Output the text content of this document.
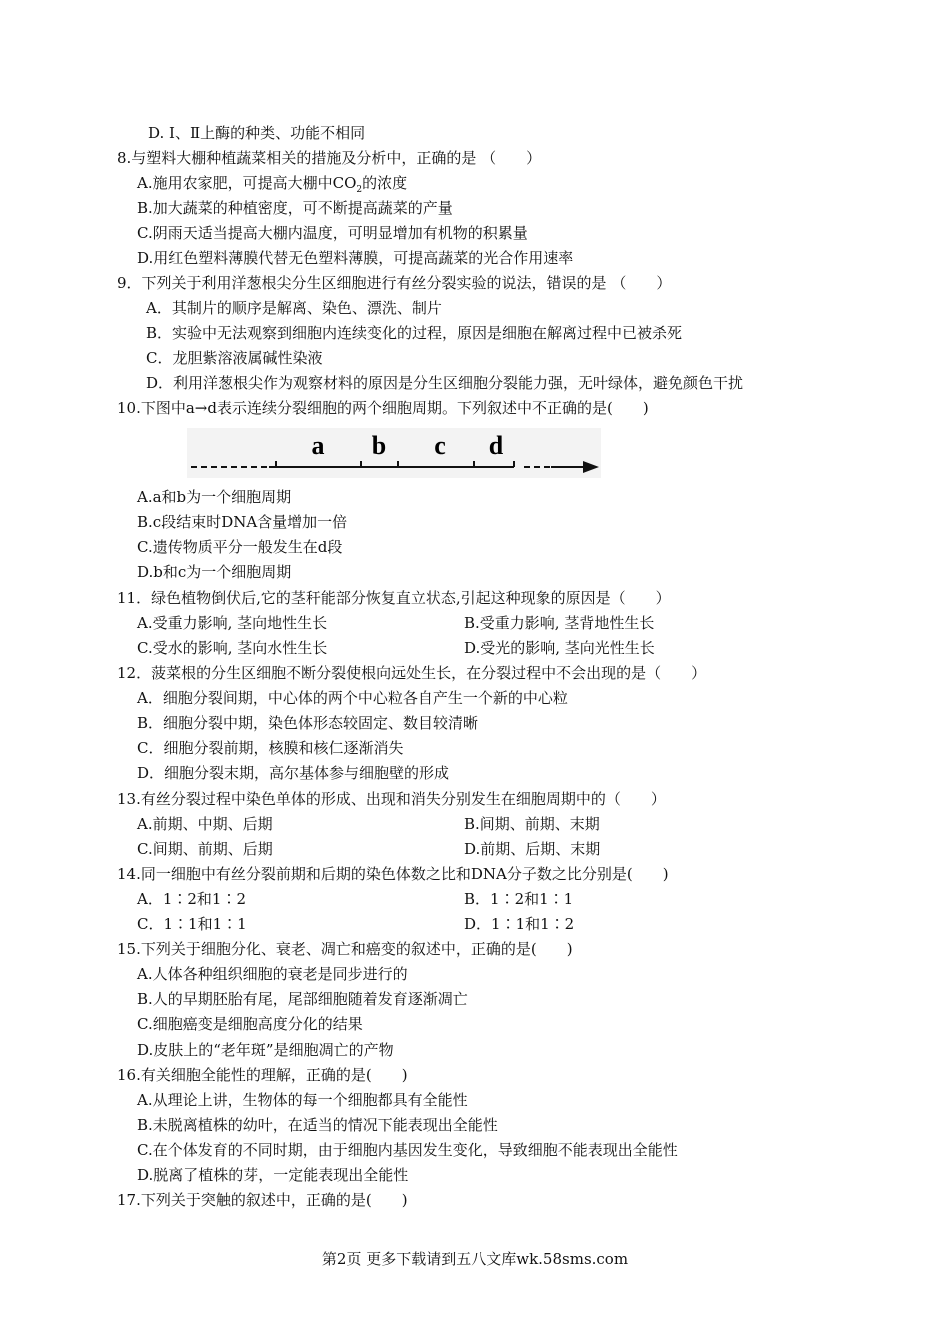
D. Ⅰ、Ⅱ上酶的种类、功能不相同
8.与塑料大棚种植蔬菜相关的措施及分析中，正确的是 （　　）
A.施用农家肥，可提高大棚中$CO_2$的浓度
B.加大蔬菜的种植密度，可不断提高蔬菜的产量
C.阴雨天适当提高大棚内温度，可明显增加有机物的积累量
D.用红色塑料薄膜代替无色塑料薄膜，可提高蔬菜的光合作用速率
9．下列关于利用洋葱根尖分生区细胞进行有丝分裂实验的说法，错误的是 （　　）
A．其制片的顺序是解离、染色、漂洗、制片
B．实验中无法观察到细胞内连续变化的过程，原因是细胞在解离过程中已被杀死
C．龙胆紫溶液属碱性染液
D．利用洋葱根尖作为观察材料的原因是分生区细胞分裂能力强，无叶绿体，避免颜色干扰
10.下图中a→d表示连续分裂细胞的两个细胞周期。下列叙述中不正确的是(　　)
a b c d
A.a和b为一个细胞周期
B.c段结束时DNA含量增加一倍
C.遗传物质平分一般发生在d段
D.b和c为一个细胞周期
11．绿色植物倒伏后,它的茎秆能部分恢复直立状态,引起这种现象的原因是（　　）
A.受重力影响, 茎向地性生长	B.受重力影响, 茎背地性生长
C.受水的影响, 茎向水性生长	D.受光的影响, 茎向光性生长
12．菠菜根的分生区细胞不断分裂使根向远处生长，在分裂过程中不会出现的是（　　）
A．细胞分裂间期，中心体的两个中心粒各自产生一个新的中心粒
B．细胞分裂中期，染色体形态较固定、数目较清晰
C．细胞分裂前期，核膜和核仁逐渐消失
D．细胞分裂末期，高尔基体参与细胞壁的形成
13.有丝分裂过程中染色单体的形成、出现和消失分别发生在细胞周期中的（　　）
A.前期、中期、后期	B.间期、前期、末期
C.间期、前期、后期	D.前期、后期、末期
14.同一细胞中有丝分裂前期和后期的染色体数之比和DNA分子数之比分别是(　　)
A．1∶2和1∶2	B．1∶2和1∶1
C．1∶1和1∶1	D．1∶1和1∶2
15.下列关于细胞分化、衰老、凋亡和癌变的叙述中，正确的是(　　)
A.人体各种组织细胞的衰老是同步进行的
B.人的早期胚胎有尾，尾部细胞随着发育逐渐凋亡
C.细胞癌变是细胞高度分化的结果
D.皮肤上的“老年斑”是细胞凋亡的产物
16.有关细胞全能性的理解，正确的是(　　)
A.从理论上讲，生物体的每一个细胞都具有全能性
B.未脱离植株的幼叶，在适当的情况下能表现出全能性
C.在个体发育的不同时期，由于细胞内基因发生变化，导致细胞不能表现出全能性
D.脱离了植株的芽，一定能表现出全能性
17.下列关于突触的叙述中，正确的是(　　)
第2页 更多下载请到五八文库wk.58sms.com
